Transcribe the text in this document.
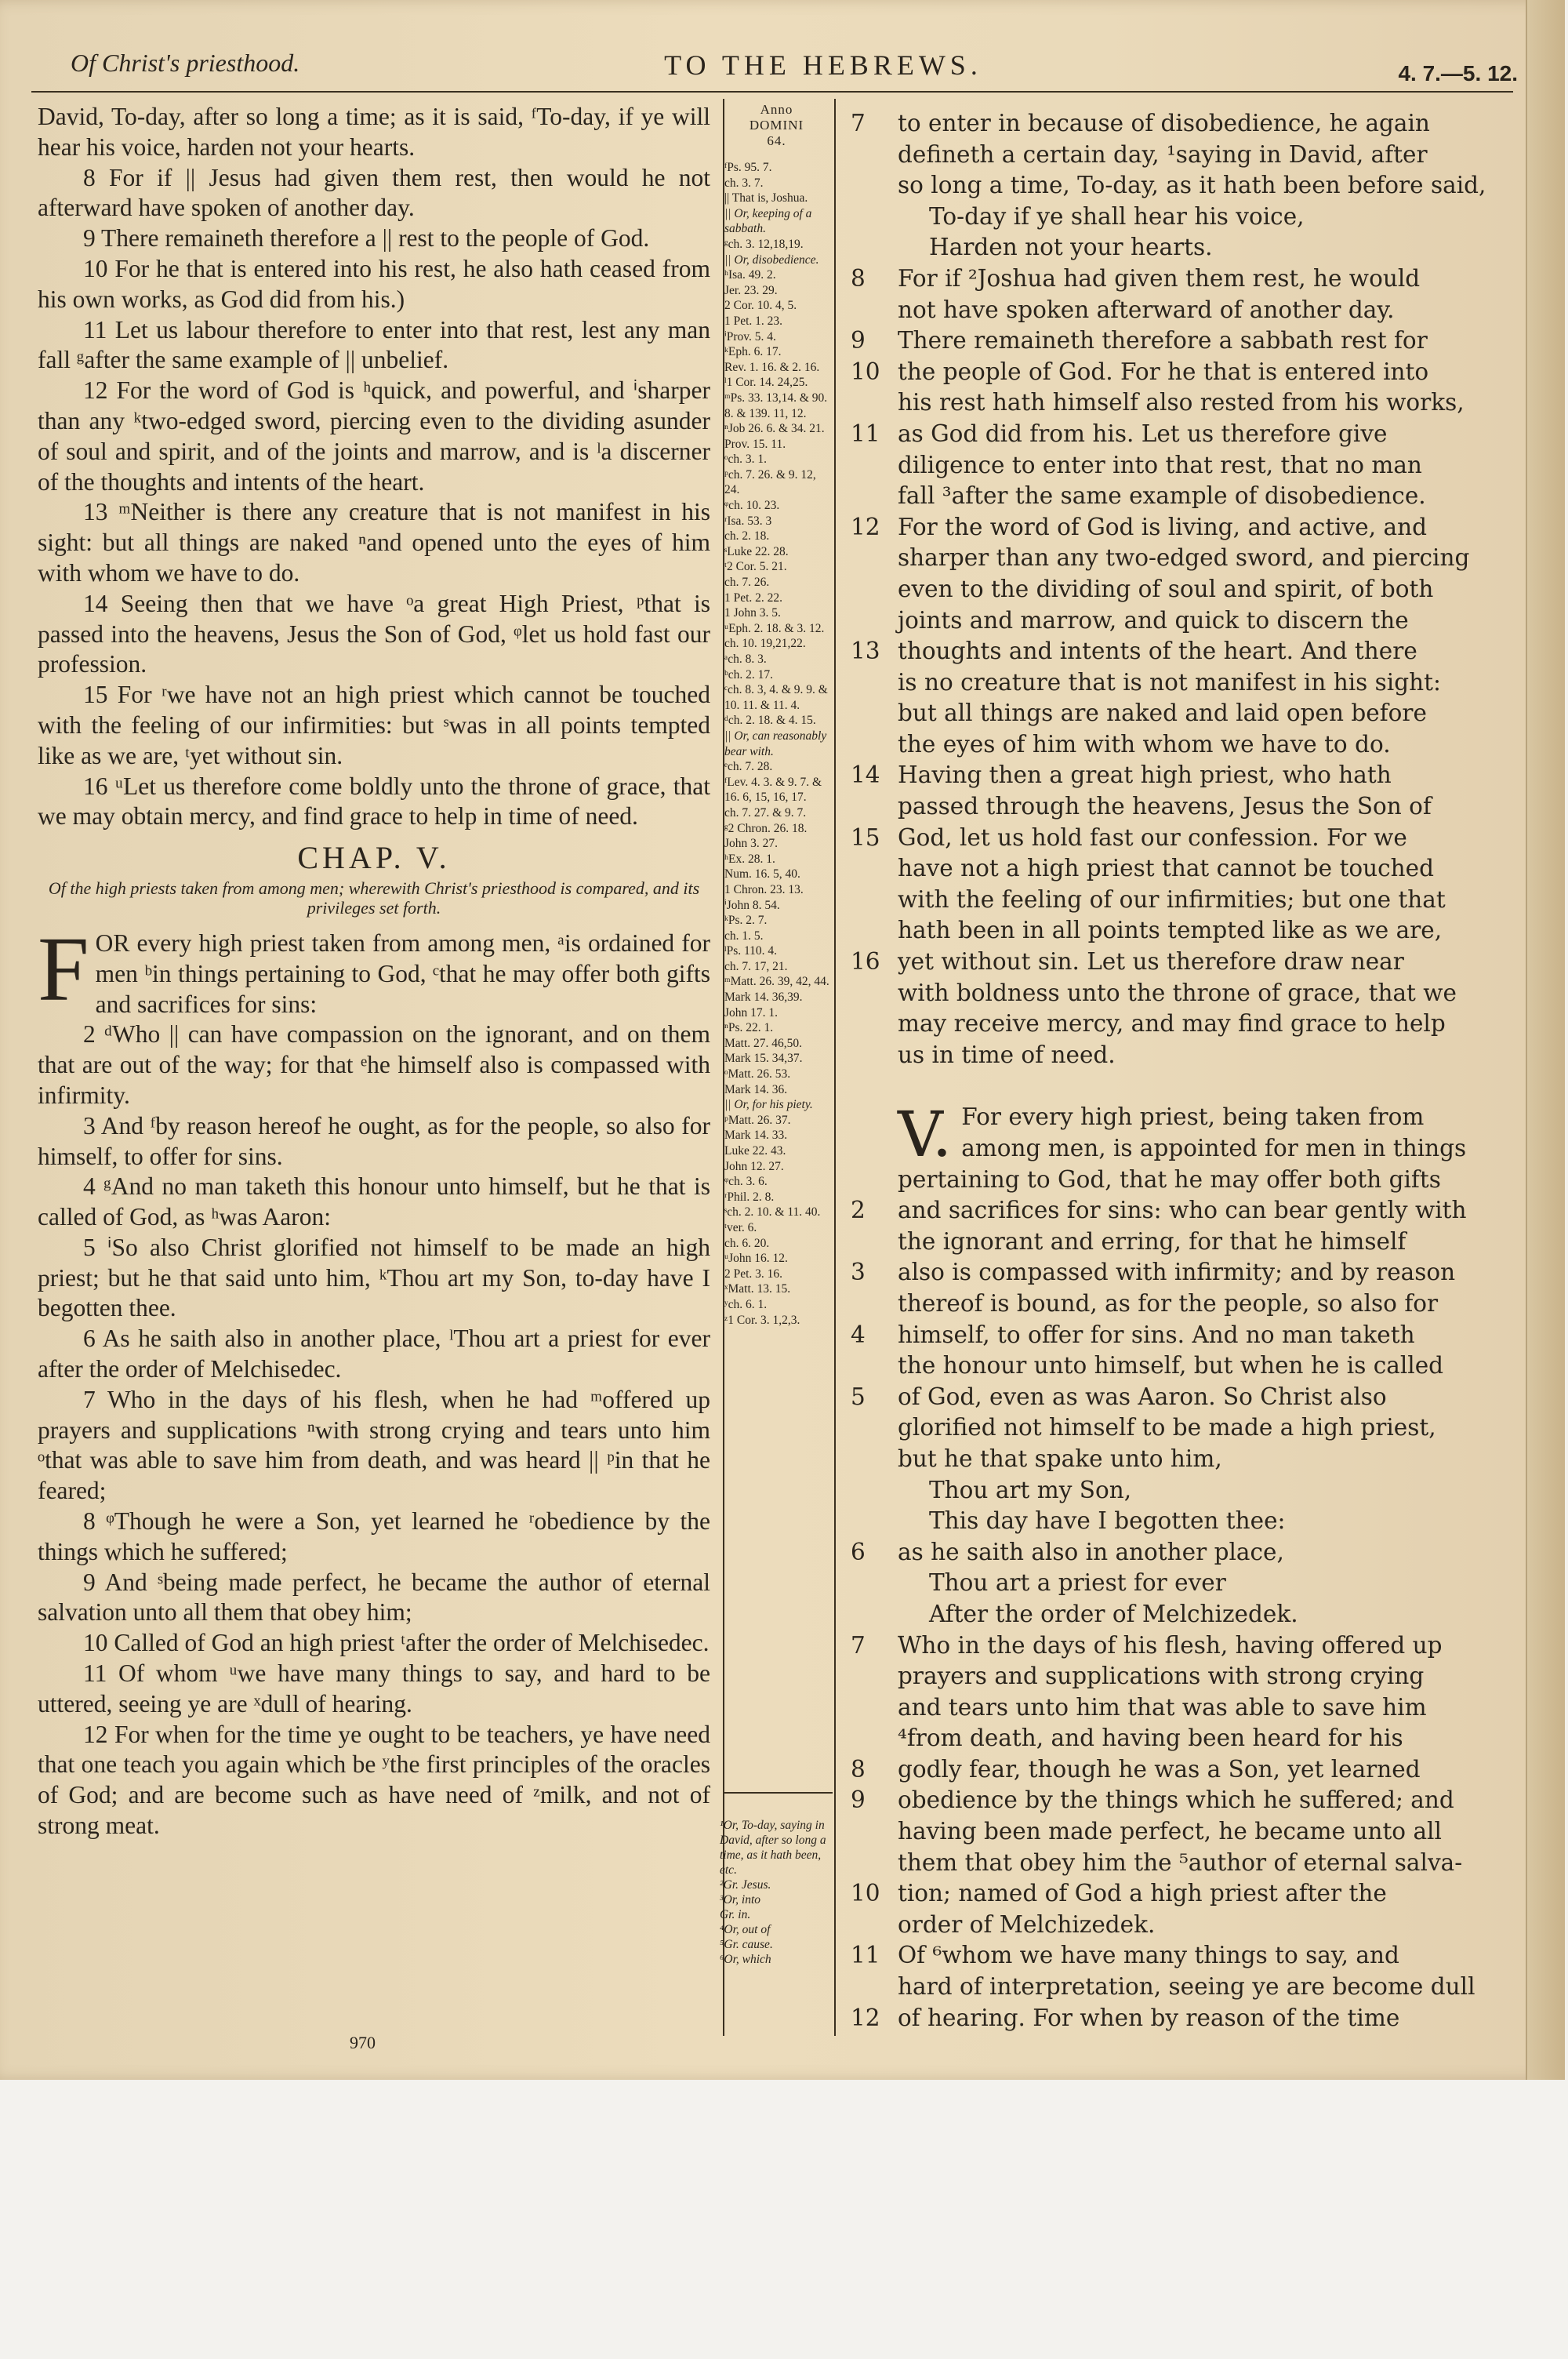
Of Christ's priesthood.	TO THE HEBREWS.	4. 7.—5. 12.

David, To-day, after so long a time; as it is said, ᶠTo-day, if ye will hear his voice, harden not your hearts.

8 For if || Jesus had given them rest, then would he not afterward have spoken of another day.

9 There remaineth therefore a || rest to the people of God.

10 For he that is entered into his rest, he also hath ceased from his own works, as God did from his.)

11 Let us labour therefore to enter into that rest, lest any man fall ᵍafter the same example of || unbelief.

12 For the word of God is ʰquick, and powerful, and ⁱsharper than any ᵏtwo-edged sword, piercing even to the dividing asunder of soul and spirit, and of the joints and marrow, and is ˡa discerner of the thoughts and intents of the heart.

13 ᵐNeither is there any creature that is not manifest in his sight: but all things are naked ⁿand opened unto the eyes of him with whom we have to do.

14 Seeing then that we have ᵒa great High Priest, ᵖthat is passed into the heavens, Jesus the Son of God, ᵠlet us hold fast our profession.

15 For ʳwe have not an high priest which cannot be touched with the feeling of our infirmities: but ˢwas in all points tempted like as we are, ᵗyet without sin.

16 ᵘLet us therefore come boldly unto the throne of grace, that we may obtain mercy, and find grace to help in time of need.

CHAP. V.
Of the high priests taken from among men; wherewith Christ's priesthood is compared, and its privileges set forth.

FOR every high priest taken from among men, ᵃis ordained for men ᵇin things pertaining to God, ᶜthat he may offer both gifts and sacrifices for sins:

2 ᵈWho || can have compassion on the ignorant, and on them that are out of the way; for that ᵉhe himself also is compassed with infirmity.

3 And ᶠby reason hereof he ought, as for the people, so also for himself, to offer for sins.

4 ᵍAnd no man taketh this honour unto himself, but he that is called of God, as ʰwas Aaron:

5 ⁱSo also Christ glorified not himself to be made an high priest; but he that said unto him, ᵏThou art my Son, to-day have I begotten thee.

6 As he saith also in another place, ˡThou art a priest for ever after the order of Melchisedec.

7 Who in the days of his flesh, when he had ᵐoffered up prayers and supplications ⁿwith strong crying and tears unto him ᵒthat was able to save him from death, and was heard || ᵖin that he feared;

8 ᵠThough he were a Son, yet learned he ʳobedience by the things which he suffered;

9 And ˢbeing made perfect, he became the author of eternal salvation unto all them that obey him;

10 Called of God an high priest ᵗafter the order of Melchisedec.

11 Of whom ᵘwe have many things to say, and hard to be uttered, seeing ye are ˣdull of hearing.

12 For when for the time ye ought to be teachers, ye have need that one teach you again which be ʸthe first principles of the oracles of God; and are become such as have need of ᶻmilk, and not of strong meat.

Anno
DOMINI
64.
ᶠPs. 95. 7.
ch. 3. 7.
|| That is, Joshua.
|| Or, keeping of a sabbath.
ᵍch. 3. 12,18,19.
|| Or, disobedience.
ʰIsa. 49. 2.
Jer. 23. 29.
2 Cor. 10. 4, 5.
1 Pet. 1. 23.
ⁱProv. 5. 4.
ᵏEph. 6. 17.
Rev. 1. 16. & 2. 16.
ˡ1 Cor. 14. 24,25.
ᵐPs. 33. 13,14. & 90. 8. & 139. 11, 12.
ⁿJob 26. 6. & 34. 21.
Prov. 15. 11.
ᵒch. 3. 1.
ᵖch. 7. 26. & 9. 12, 24.
ᵠch. 10. 23.
ʳIsa. 53. 3
ch. 2. 18.
ˢLuke 22. 28.
ᵗ2 Cor. 5. 21.
ch. 7. 26.
1 Pet. 2. 22.
1 John 3. 5.
ᵘEph. 2. 18. & 3. 12.
ch. 10. 19,21,22.
ᵃch. 8. 3.
ᵇch. 2. 17.
ᶜch. 8. 3, 4. & 9. 9. & 10. 11. & 11. 4.
ᵈch. 2. 18. & 4. 15.
|| Or, can reasonably bear with.
ᵉch. 7. 28.
ᶠLev. 4. 3. & 9. 7. & 16. 6, 15, 16, 17.
ch. 7. 27. & 9. 7.
ᵍ2 Chron. 26. 18.
John 3. 27.
ʰEx. 28. 1.
Num. 16. 5, 40.
1 Chron. 23. 13.
ⁱJohn 8. 54.
ᵏPs. 2. 7.
ch. 1. 5.
ˡPs. 110. 4.
ch. 7. 17, 21.
ᵐMatt. 26. 39, 42, 44.
Mark 14. 36,39.
John 17. 1.
ⁿPs. 22. 1.
Matt. 27. 46,50.
Mark 15. 34,37.
ᵒMatt. 26. 53.
Mark 14. 36.
|| Or, for his piety.
ᵖMatt. 26. 37.
Mark 14. 33.
Luke 22. 43.
John 12. 27.
ᵠch. 3. 6.
ʳPhil. 2. 8.
ˢch. 2. 10. & 11. 40.
ᵗver. 6.
ch. 6. 20.
ᵘJohn 16. 12.
2 Pet. 3. 16.
ˣMatt. 13. 15.
ʸch. 6. 1.
ᶻ1 Cor. 3. 1,2,3.
¹Or, To-day, saying in David, after so long a time, as it hath been, etc.
²Gr. Jesus.
³Or, into
Gr. in.
⁴Or, out of
⁵Gr. cause.
⁶Or, which
7	to enter in because of disobedience, he again
defineth a certain day, ¹saying in David, after
so long a time, To-day, as it hath been before said,
To-day if ye shall hear his voice,
Harden not your hearts.
8	For if ²Joshua had given them rest, he would
not have spoken afterward of another day.
9	There remaineth therefore a sabbath rest for
10 the people of God. For he that is entered into
his rest hath himself also rested from his works,
11 as God did from his. Let us therefore give
diligence to enter into that rest, that no man
fall ³after the same example of disobedience.
12 For the word of God is living, and active, and
sharper than any two-edged sword, and piercing
even to the dividing of soul and spirit, of both
joints and marrow, and quick to discern the
13 thoughts and intents of the heart. And there
is no creature that is not manifest in his sight:
but all things are naked and laid open before
the eyes of him with whom we have to do.
14 Having then a great high priest, who hath
passed through the heavens, Jesus the Son of
15 God, let us hold fast our confession. For we
have not a high priest that cannot be touched
with the feeling of our infirmities; but one that
hath been in all points tempted like as we are,
16 yet without sin. Let us therefore draw near
with boldness unto the throne of grace, that we
may receive mercy, and may find grace to help
us in time of need.
V. For every high priest, being taken from
among men, is appointed for men in things
pertaining to God, that he may offer both gifts
2	and sacrifices for sins: who can bear gently with
the ignorant and erring, for that he himself
3	also is compassed with infirmity; and by reason
thereof is bound, as for the people, so also for
4	himself, to offer for sins. And no man taketh
the honour unto himself, but when he is called
5	of God, even as was Aaron. So Christ also
glorified not himself to be made a high priest,
but he that spake unto him,
Thou art my Son,
This day have I begotten thee:
6	as he saith also in another place,
Thou art a priest for ever
After the order of Melchizedek.
7	Who in the days of his flesh, having offered up
prayers and supplications with strong crying
and tears unto him that was able to save him
⁴from death, and having been heard for his
8	godly fear, though he was a Son, yet learned
9	obedience by the things which he suffered; and
having been made perfect, he became unto all
them that obey him the ⁵author of eternal salva-
10 tion; named of God a high priest after the
order of Melchizedek.
11 Of ⁶whom we have many things to say, and
hard of interpretation, seeing ye are become dull
12 of hearing. For when by reason of the time
970
